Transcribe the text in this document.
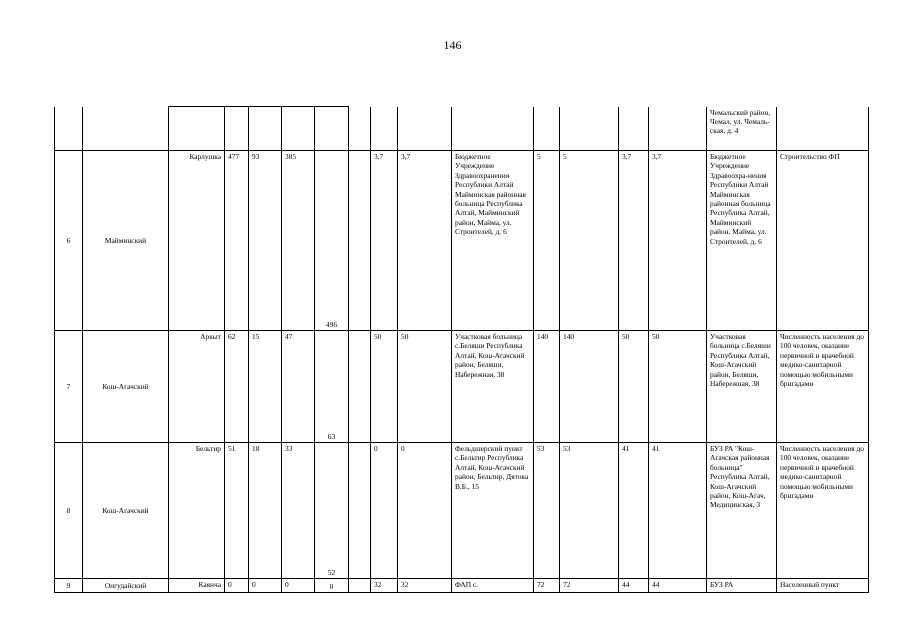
146
															Чемальский район, Чемал, ул. Чемаль-ская, д. 4	
6	Майминский	Карлушка	477	93	385	496		3,7	3,7	Бюджетное Учреждение Здравоохранения Республики Алтай Майминская районная больница Республика Алтай, Майминский район, Майма, ул. Строителей, д. 6	5	5	3,7	3,7	Бюджетное Учреждение Здравоохра-нения Республики Алтай Майминская районная больница Республика Алтай, Майминский район, Майма, ул. Строителей, д. 6	Строительство ФП
7	Кош-Агачский	Аркыт	62	15	47	63		50	50	Участковая больница с.Беляши Республика Алтай, Кош-Агачский район, Беляши, Набережная, 38	140	140	50	50	Участковая больница с.Беляши Республика Алтай, Кош-Агачский район, Беляши, Набережная, 38	Численность населения до 100 человек, оказание первичной и врачебной медико-санитарной помощью мобильными бригадами
8	Кош-Агачский	Бельтир	51	18	33	52		0	0	Фельдшерский пункт с.Бельтир Республика Алтай, Кош-Агачский район, Бельтир, Дятова В.Б., 15	53	53	41	41	БУЗ РА "Кош-Агачская районная больница" Республика Алтай, Кош-Агачский район, Кош-Агач, Медицинская, 3	Численность населения до 100 человек, оказание первичной и врачебной медико-санитарной помощью мобильными бригадами
9	Онгудайский	Каянча	0	0	0	0		32	32	ФАП с.	72	72	44	44	БУЗ РА	Населенный пункт
